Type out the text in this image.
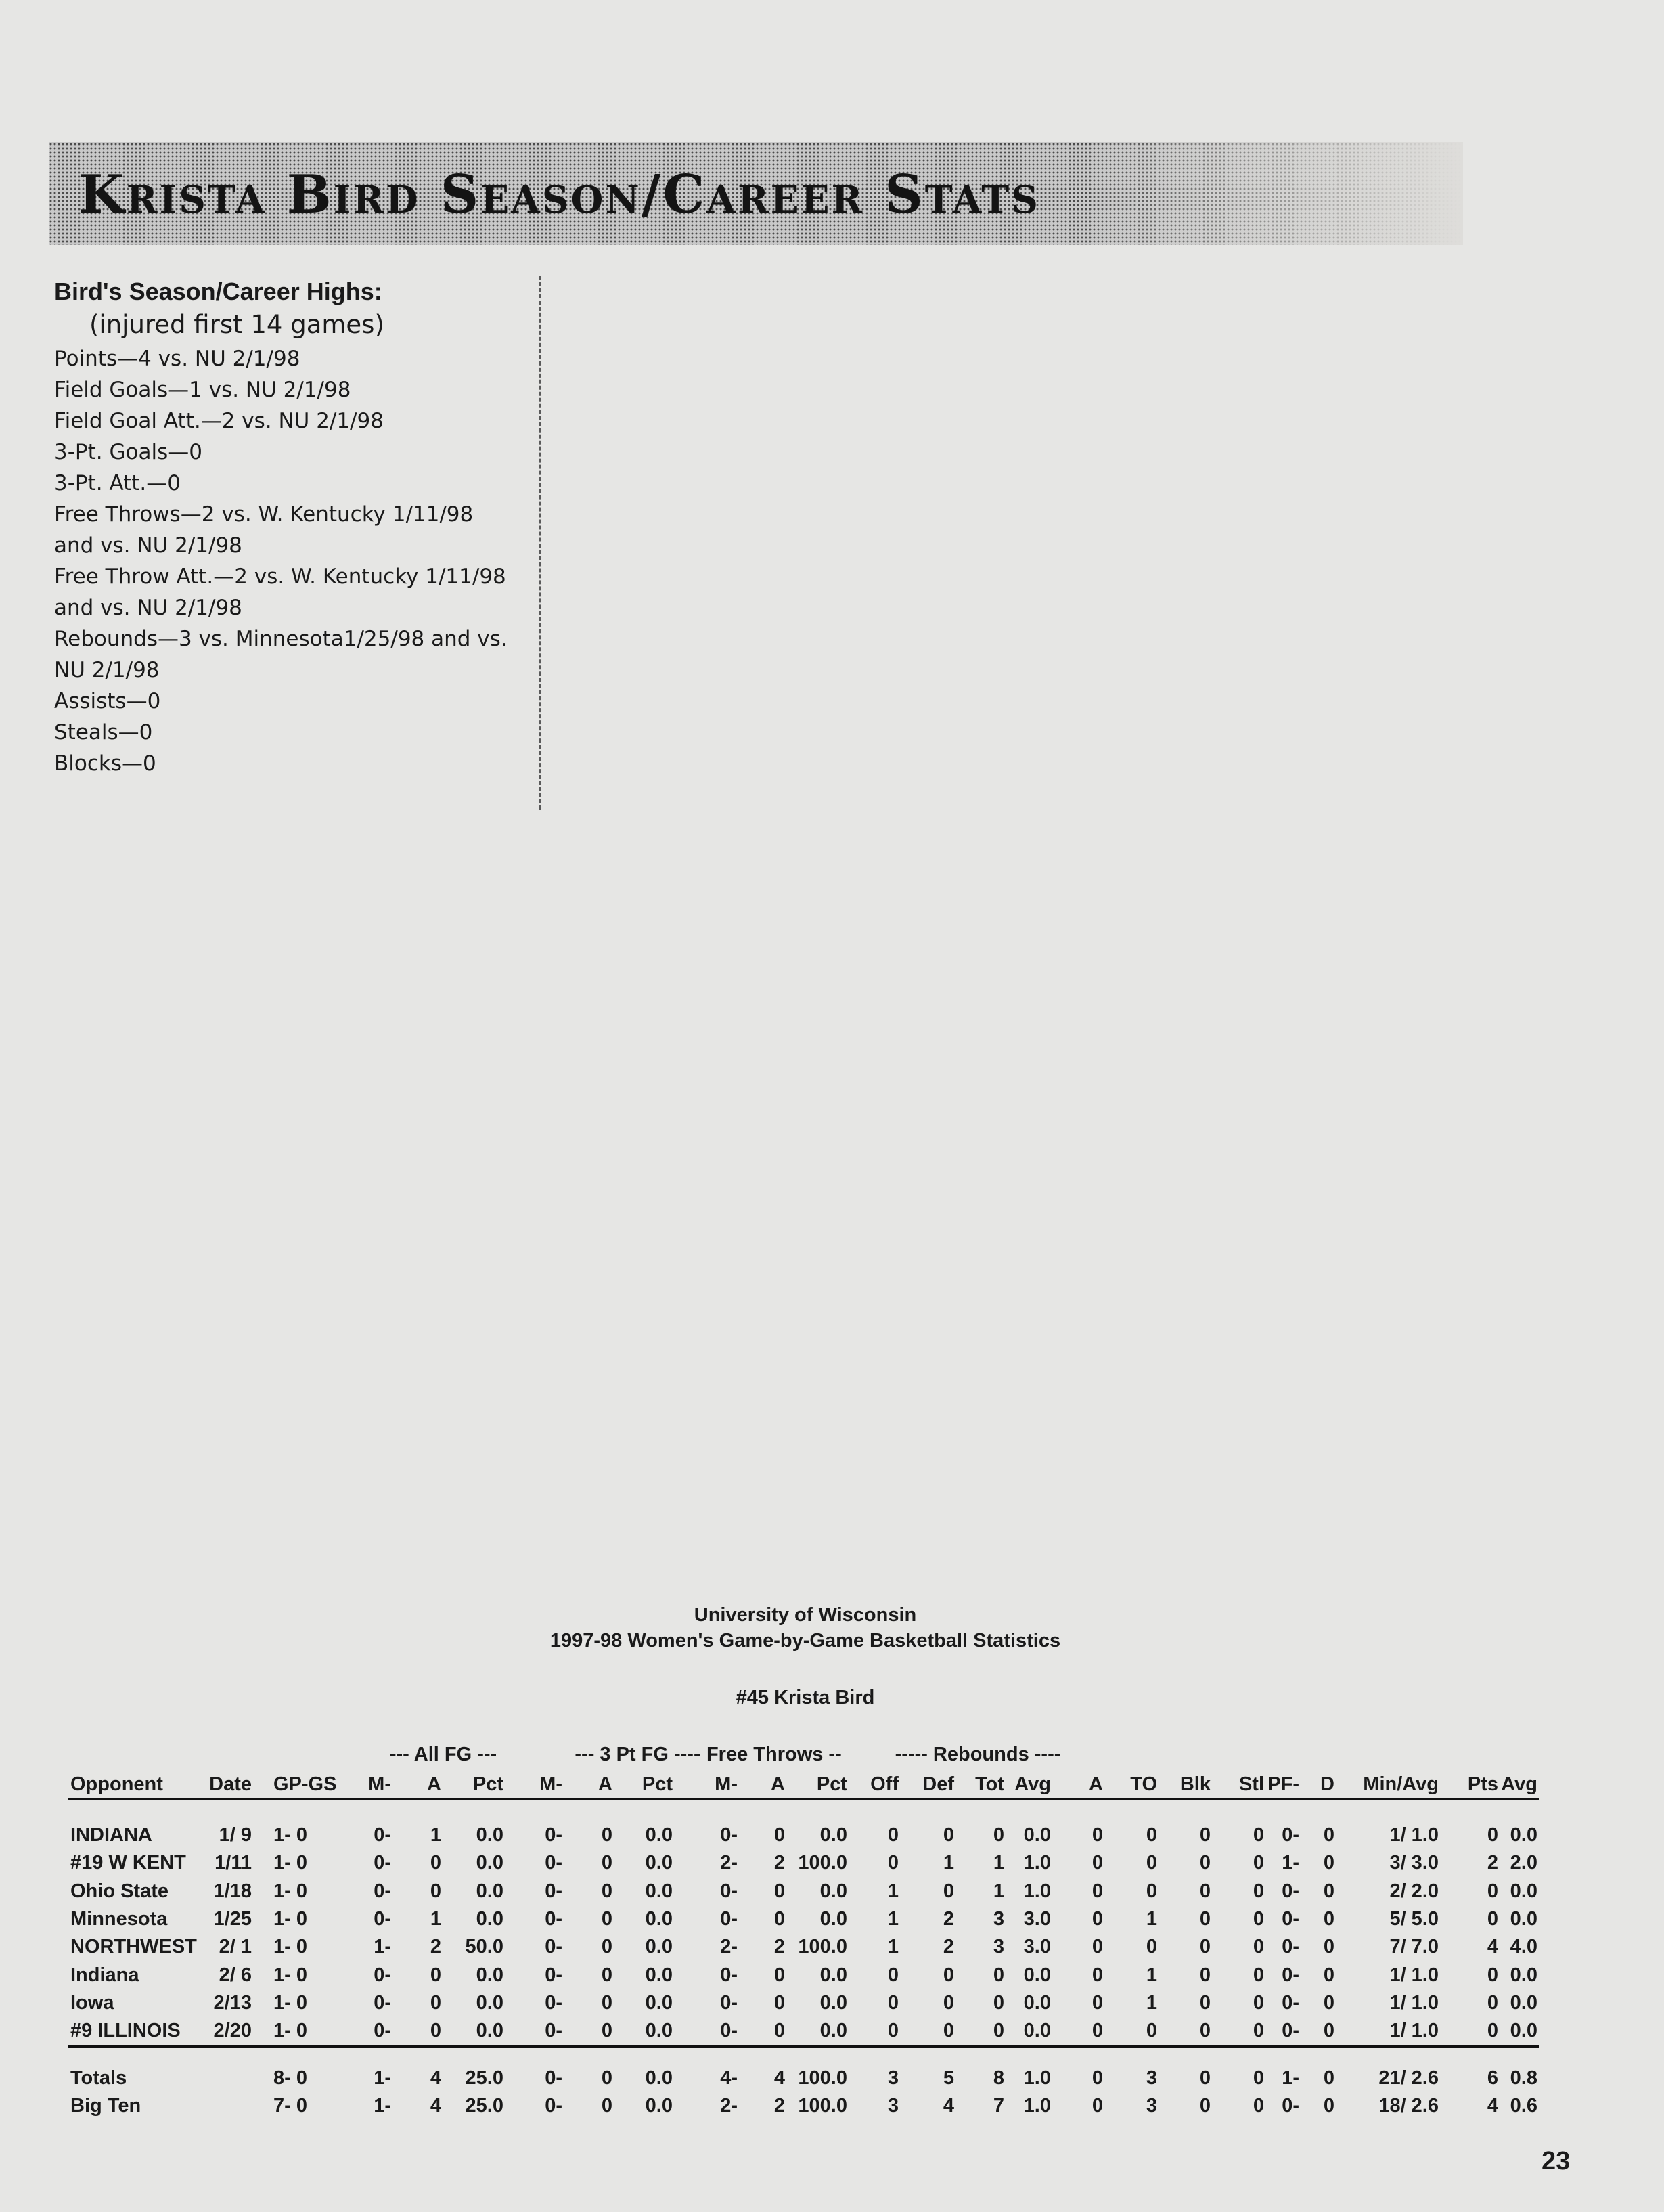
Krista Bird Season/Career Stats
Bird's Season/Career Highs:
(injured first 14 games)
Points—4 vs. NU 2/1/98
Field Goals—1 vs. NU 2/1/98
Field Goal Att.—2 vs. NU 2/1/98
3-Pt. Goals—0
3-Pt. Att.—0
Free Throws—2 vs. W. Kentucky 1/11/98
and vs. NU 2/1/98
Free Throw Att.—2 vs. W. Kentucky 1/11/98
and vs. NU 2/1/98
Rebounds—3 vs. Minnesota1/25/98 and vs.
NU 2/1/98
Assists—0
Steals—0
Blocks—0
University of Wisconsin
1997-98 Women's Game-by-Game Basketball Statistics
#45 Krista Bird
--- All FG ---	--- 3 Pt FG ----
- Free Throws --	----- Rebounds ----
Opponent	Date GP-GS	M-	A	Pct	M-	A	Pct	M-	A	Pct	Off	Def	Tot Avg	A	TO	Blk	Stl PF-	D	Min/Avg	Pts Avg
INDIANA	1/ 9 1- 0	0-	1	0.0	0-	0	0.0	0-	0	0.0	0	0	0 0.0	0	0	0	0 0-	0	1/ 1.0	0 0.0
#19 W KENT	1/11 1- 0	0-	0	0.0	0-	0	0.0	2-	2 100.0	0	1	1 1.0	0	0	0	0 1-	0	3/ 3.0	2 2.0
Ohio State	1/18 1- 0	0-	0	0.0	0-	0	0.0	0-	0	0.0	1	0	1 1.0	0	0	0	0 0-	0	2/ 2.0	0 0.0
Minnesota	1/25 1- 0	0-	1	0.0	0-	0	0.0	0-	0	0.0	1	2	3 3.0	0	1	0	0 0-	0	5/ 5.0	0 0.0
NORTHWEST	2/ 1 1- 0	1-	2	50.0	0-	0	0.0	2-	2 100.0	1	2	3 3.0	0	0	0	0 0-	0	7/ 7.0	4 4.0
Indiana	2/ 6 1- 0	0-	0	0.0	0-	0	0.0	0-	0	0.0	0	0	0 0.0	0	1	0	0 0-	0	1/ 1.0	0 0.0
Iowa	2/13 1- 0	0-	0	0.0	0-	0	0.0	0-	0	0.0	0	0	0 0.0	0	1	0	0 0-	0	1/ 1.0	0 0.0
#9 ILLINOIS	2/20 1- 0	0-	0	0.0	0-	0	0.0	0-	0	0.0	0	0	0 0.0	0	0	0	0 0-	0	1/ 1.0	0 0.0
Totals	8- 0	1-	4	25.0	0-	0	0.0	4-	4 100.0	3	5	8 1.0	0	3	0	0 1-	0	21/ 2.6	6 0.8
Big Ten	7- 0	1-	4	25.0	0-	0	0.0	2-	2 100.0	3	4	7 1.0	0	3	0	0 0-	0	18/ 2.6	4 0.6
23
